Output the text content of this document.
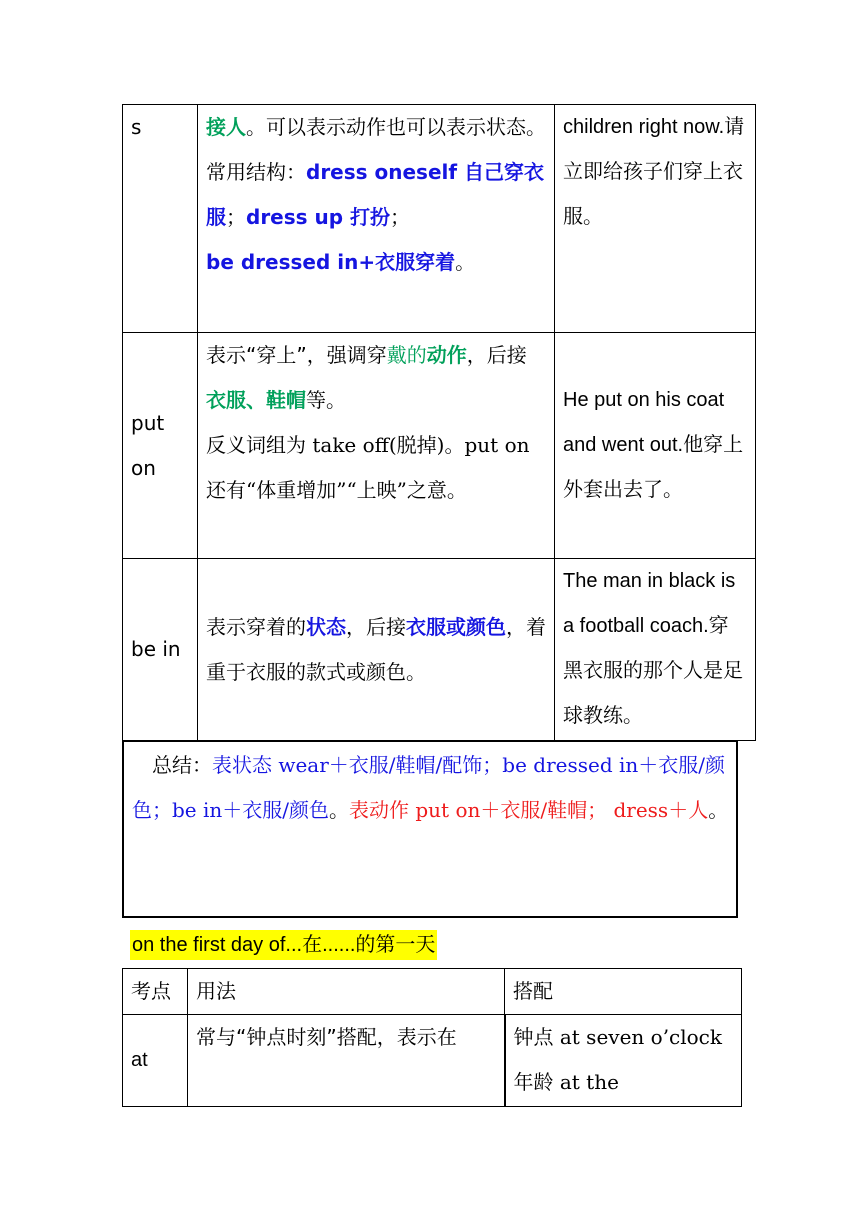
s	接人。可以表示动作也可以表示状态。
常用结构：dress oneself 自己穿衣服；dress up 打扮；
be dressed in+衣服穿着。	children right now.请立即给孩子们穿上衣服。
put
on	表示“穿上”，强调穿戴的动作，后接衣服、鞋帽等。
反义词组为 take off(脱掉)。put on 还有“体重增加”“上映”之意。	He put on his coat and went out.他穿上外套出去了。
be in	表示穿着的状态，后接衣服或颜色，着重于衣服的款式或颜色。	The man in black is a football coach.穿黑衣服的那个人是足球教练。

　总结：表状态 wear＋衣服/鞋帽/配饰；be dressed in＋衣服/颜色；be in＋衣服/颜色。表动作 put on＋衣服/鞋帽； dress＋人。

on the first day of...在......的第一天
考点	用法	搭配
at	常与“钟点时刻”搭配，表示在	钟点 at seven o’clock 年龄 at the
